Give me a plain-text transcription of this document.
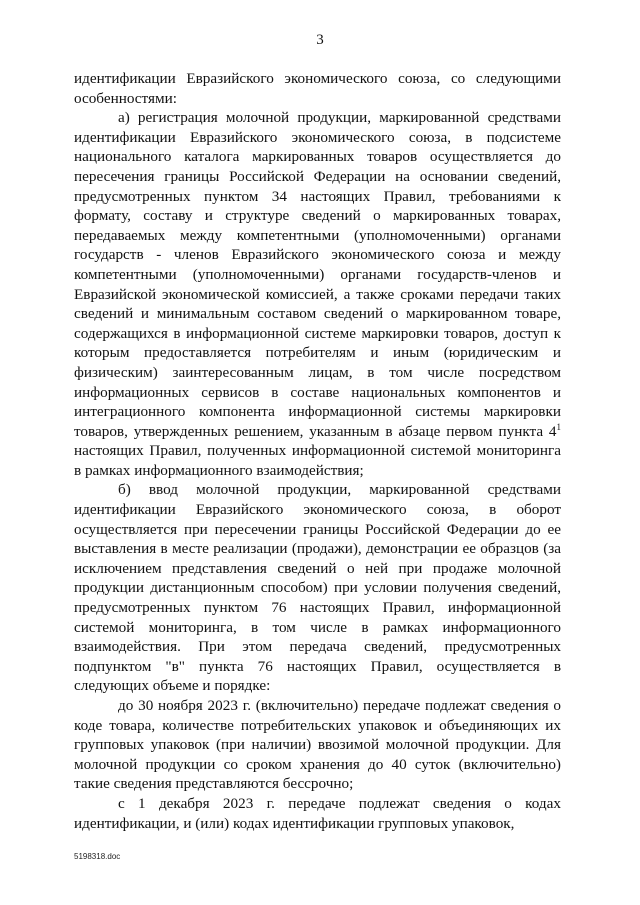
3

идентификации Евразийского экономического союза, со следующими особенностями:

а) регистрация молочной продукции, маркированной средствами идентификации Евразийского экономического союза, в подсистеме национального каталога маркированных товаров осуществляется до пересечения границы Российской Федерации на основании сведений, предусмотренных пунктом 34 настоящих Правил, требованиями к формату, составу и структуре сведений о маркированных товарах, передаваемых между компетентными (уполномоченными) органами государств - членов Евразийского экономического союза и между компетентными (уполномоченными) органами государств-членов и Евразийской экономической комиссией, а также сроками передачи таких сведений и минимальным составом сведений о маркированном товаре, содержащихся в информационной системе маркировки товаров, доступ к которым предоставляется потребителям и иным (юридическим и физическим) заинтересованным лицам, в том числе посредством информационных сервисов в составе национальных компонентов и интеграционного компонента информационной системы маркировки товаров, утвержденных решением, указанным в абзаце первом пункта $4^1$ настоящих Правил, полученных информационной системой мониторинга в рамках информационного взаимодействия;

б) ввод молочной продукции, маркированной средствами идентификации Евразийского экономического союза, в оборот осуществляется при пересечении границы Российской Федерации до ее выставления в месте реализации (продажи), демонстрации ее образцов (за исключением представления сведений о ней при продаже молочной продукции дистанционным способом) при условии получения сведений, предусмотренных пунктом 76 настоящих Правил, информационной системой мониторинга, в том числе в рамках информационного взаимодействия. При этом передача сведений, предусмотренных подпунктом "в" пункта 76 настоящих Правил, осуществляется в следующих объеме и порядке:

до 30 ноября 2023 г. (включительно) передаче подлежат сведения о коде товара, количестве потребительских упаковок и объединяющих их групповых упаковок (при наличии) ввозимой молочной продукции. Для молочной продукции со сроком хранения до 40 суток (включительно) такие сведения представляются бессрочно;

с 1 декабря 2023 г. передаче подлежат сведения о кодах идентификации, и (или) кодах идентификации групповых упаковок,

5198318.doc
